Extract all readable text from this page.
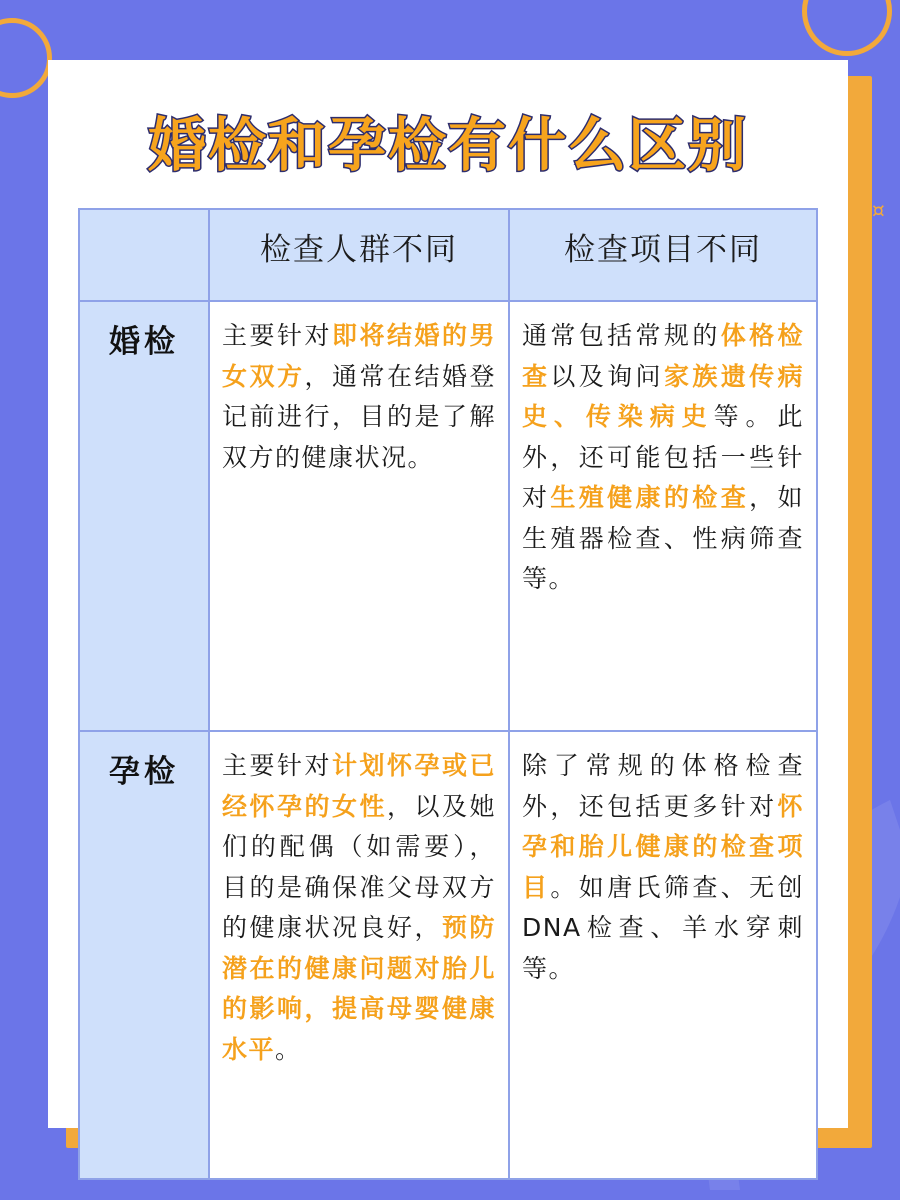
¤
婚检和孕检有什么区别
	检查人群不同	检查项目不同
婚检	主要针对即将结婚的男女双方，通常在结婚登记前进行，目的是了解双方的健康状况。	通常包括常规的体格检查以及询问家族遗传病史、传染病史等。此外，还可能包括一些针对生殖健康的检查，如生殖器检查、性病筛查等。
孕检	主要针对计划怀孕或已经怀孕的女性，以及她们的配偶（如需要），目的是确保准父母双方的健康状况良好，预防潜在的健康问题对胎儿的影响，提高母婴健康水平。	除了常规的体格检查外，还包括更多针对怀孕和胎儿健康的检查项目。如唐氏筛查、无创DNA检查、羊水穿刺等。
